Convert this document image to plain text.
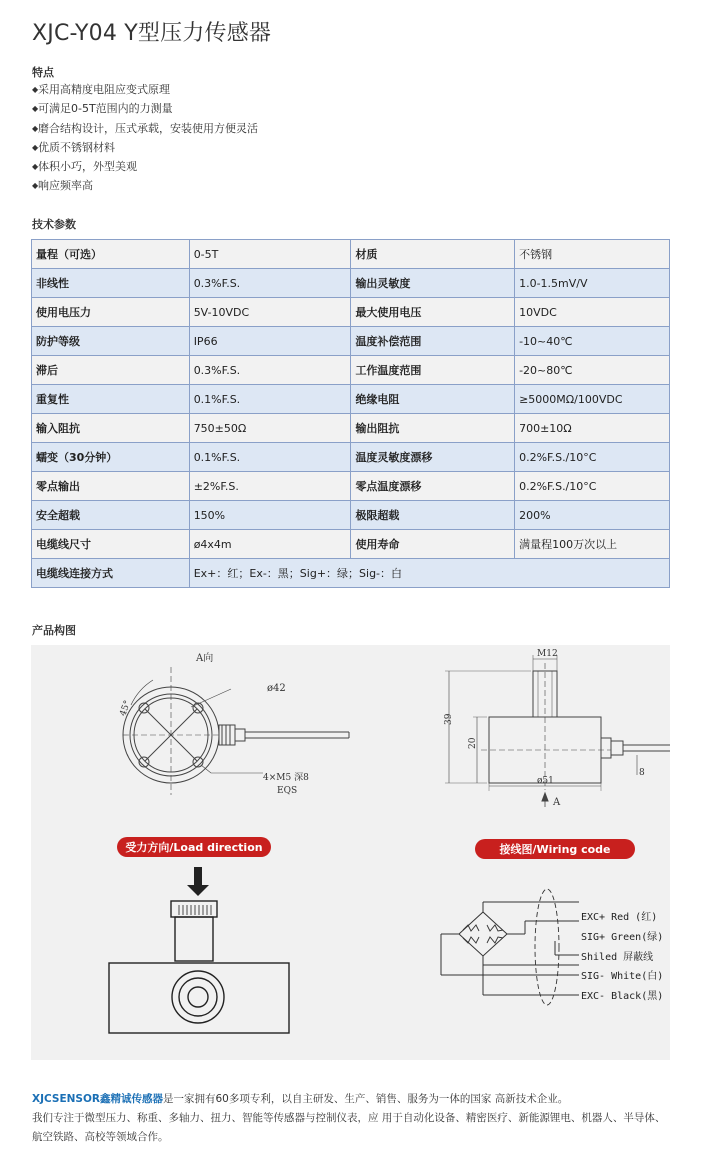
XJC-Y04 Y型压力传感器
特点
◆采用高精度电阻应变式原理
◆可满足0-5T范围内的力测量
◆磨合结构设计，压式承载，安装使用方便灵活
◆优质不锈钢材料
◆体积小巧，外型美观
◆响应频率高
技术参数
量程（可选）	0-5T	材质	不锈钢
非线性	0.3%F.S.	输出灵敏度	1.0-1.5mV/V
使用电压力	5V-10VDC	最大使用电压	10VDC
防护等级	IP66	温度补偿范围	-10~40℃
滞后	0.3%F.S.	工作温度范围	-20~80℃
重复性	0.1%F.S.	绝缘电阻	≥5000MΩ/100VDC
输入阻抗	750±50Ω	输出阻抗	700±10Ω
蠕变（30分钟）	0.1%F.S.	温度灵敏度漂移	0.2%F.S./10°C
零点输出	±2%F.S.	零点温度漂移	0.2%F.S./10°C
安全超载	150%	极限超载	200%
电缆线尺寸	ø4x4m	使用寿命	满量程100万次以上
电缆线连接方式	Ex+：红；Ex-：黑；Sig+：绿；Sig-：白		
产品构图
A向
ø42
45°
4×M5 深8
EQS
M12
39
20
ø51
8
A
受力方向/Load direction	接线图/Wiring code
EXC+ Red (红)
SIG+ Green(绿)
Shiled 屏蔽线
SIG- White(白)
EXC- Black(黑)
XJCSENSOR鑫精诚传感器是一家拥有60多项专利，以自主研发、生产、销售、服务为一体的国家 高新技术企业。
我们专注于微型压力、称重、多轴力、扭力、智能等传感器与控制仪表，应 用于自动化设备、精密医疗、新能源锂电、机器人、半导体、航空铁路、高校等领域合作。
